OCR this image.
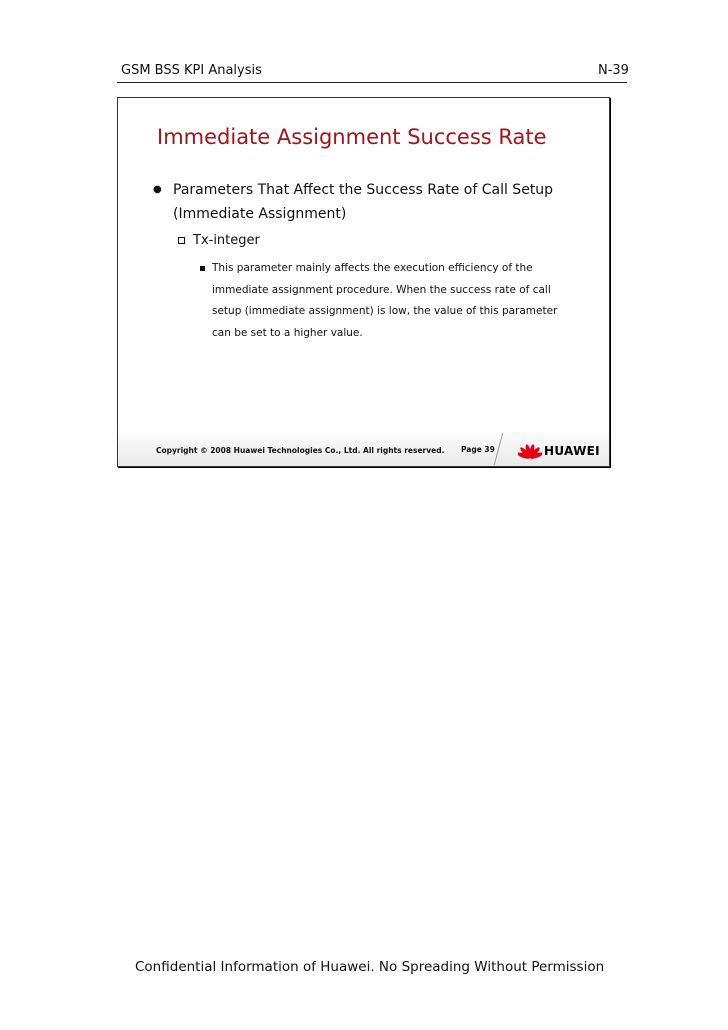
GSM BSS KPI Analysis	N-39
Immediate Assignment Success Rate
● Parameters That Affect the Success Rate of Call Setup (Immediate Assignment)
Tx-integer
This parameter mainly affects the execution efficiency of the immediate assignment procedure. When the success rate of call setup (immediate assignment) is low, the value of this parameter can be set to a higher value.
Copyright © 2008 Huawei Technologies Co., Ltd. All rights reserved. Page 39	HUAWEI
Confidential Information of Huawei. No Spreading Without Permission
